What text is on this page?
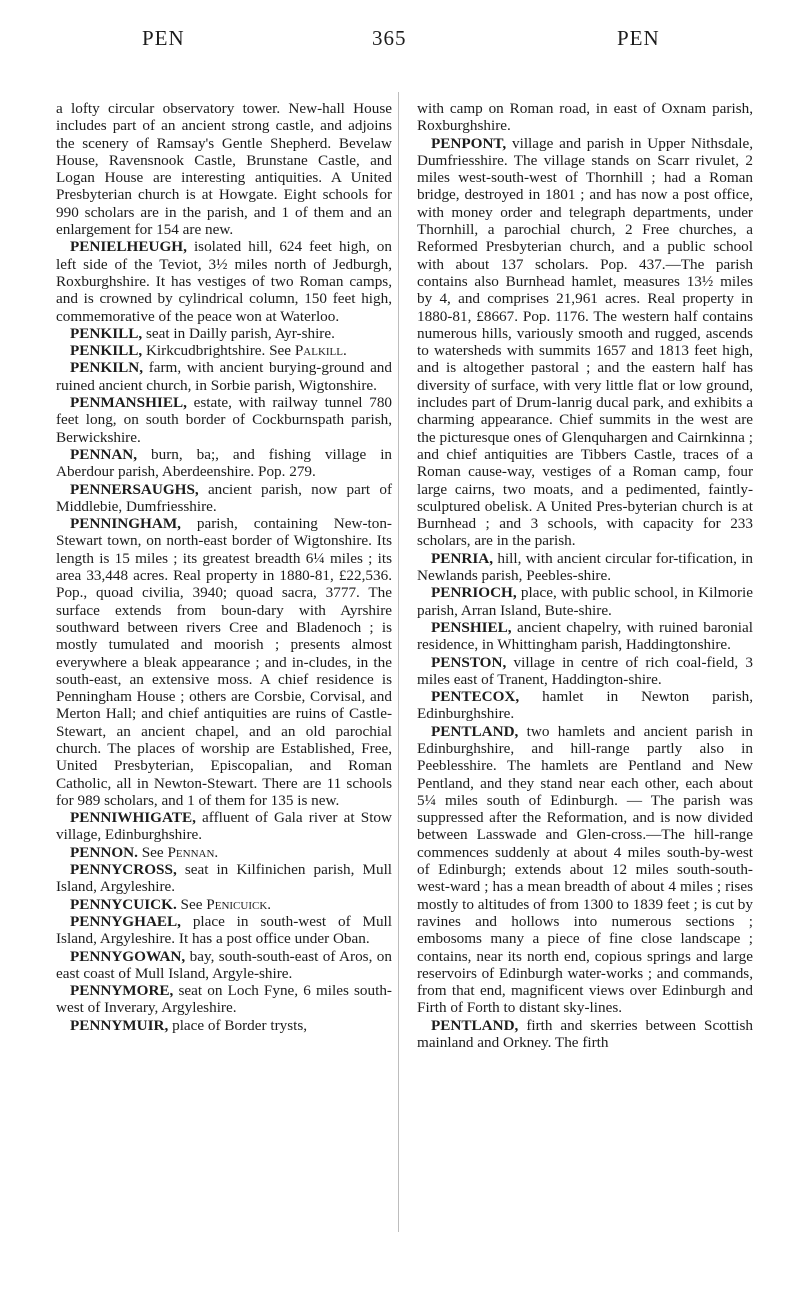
PEN	365	PEN

a lofty circular observatory tower. New-hall House includes part of an ancient strong castle, and adjoins the scenery of Ramsay's Gentle Shepherd. Bevelaw House, Ravensnook Castle, Brunstane Castle, and Logan House are interesting antiquities. A United Presbyterian church is at Howgate. Eight schools for 990 scholars are in the parish, and 1 of them and an enlargement for 154 are new.

PENIELHEUGH, isolated hill, 624 feet high, on left side of the Teviot, 3½ miles north of Jedburgh, Roxburghshire. It has vestiges of two Roman camps, and is crowned by cylindrical column, 150 feet high, commemorative of the peace won at Waterloo.

PENKILL, seat in Dailly parish, Ayr-shire.

PENKILL, Kirkcudbrightshire. See Palkill.

PENKILN, farm, with ancient burying-ground and ruined ancient church, in Sorbie parish, Wigtonshire.

PENMANSHIEL, estate, with railway tunnel 780 feet long, on south border of Cockburnspath parish, Berwickshire.

PENNAN, burn, ba;, and fishing village in Aberdour parish, Aberdeenshire. Pop. 279.

PENNERSAUGHS, ancient parish, now part of Middlebie, Dumfriesshire.

PENNINGHAM, parish, containing New-ton-Stewart town, on north-east border of Wigtonshire. Its length is 15 miles ; its greatest breadth 6¼ miles ; its area 33,448 acres. Real property in 1880-81, £22,536. Pop., quoad civilia, 3940; quoad sacra, 3777. The surface extends from boun-dary with Ayrshire southward between rivers Cree and Bladenoch ; is mostly tumulated and moorish ; presents almost everywhere a bleak appearance ; and in-cludes, in the south-east, an extensive moss. A chief residence is Penningham House ; others are Corsbie, Corvisal, and Merton Hall; and chief antiquities are ruins of Castle-Stewart, an ancient chapel, and an old parochial church. The places of worship are Established, Free, United Presbyterian, Episcopalian, and Roman Catholic, all in Newton-Stewart. There are 11 schools for 989 scholars, and 1 of them for 135 is new.

PENNIWHIGATE, affluent of Gala river at Stow village, Edinburghshire.

PENNON. See Pennan.

PENNYCROSS, seat in Kilfinichen parish, Mull Island, Argyleshire.

PENNYCUICK. See Penicuick.

PENNYGHAEL, place in south-west of Mull Island, Argyleshire. It has a post office under Oban.

PENNYGOWAN, bay, south-south-east of Aros, on east coast of Mull Island, Argyle-shire.

PENNYMORE, seat on Loch Fyne, 6 miles south-west of Inverary, Argyleshire.

PENNYMUIR, place of Border trysts,

with camp on Roman road, in east of Oxnam parish, Roxburghshire.

PENPONT, village and parish in Upper Nithsdale, Dumfriesshire. The village stands on Scarr rivulet, 2 miles west-south-west of Thornhill ; had a Roman bridge, destroyed in 1801 ; and has now a post office, with money order and telegraph departments, under Thornhill, a parochial church, 2 Free churches, a Reformed Presbyterian church, and a public school with about 137 scholars. Pop. 437.—The parish contains also Burnhead hamlet, measures 13½ miles by 4, and comprises 21,961 acres. Real property in 1880-81, £8667. Pop. 1176. The western half contains numerous hills, variously smooth and rugged, ascends to watersheds with summits 1657 and 1813 feet high, and is altogether pastoral ; and the eastern half has diversity of surface, with very little flat or low ground, includes part of Drum-lanrig ducal park, and exhibits a charming appearance. Chief summits in the west are the picturesque ones of Glenquhargen and Cairnkinna ; and chief antiquities are Tibbers Castle, traces of a Roman cause-way, vestiges of a Roman camp, four large cairns, two moats, and a pedimented, faintly-sculptured obelisk. A United Pres-byterian church is at Burnhead ; and 3 schools, with capacity for 233 scholars, are in the parish.

PENRIA, hill, with ancient circular for-tification, in Newlands parish, Peebles-shire.

PENRIOCH, place, with public school, in Kilmorie parish, Arran Island, Bute-shire.

PENSHIEL, ancient chapelry, with ruined baronial residence, in Whittingham parish, Haddingtonshire.

PENSTON, village in centre of rich coal-field, 3 miles east of Tranent, Haddington-shire.

PENTECOX, hamlet in Newton parish, Edinburghshire.

PENTLAND, two hamlets and ancient parish in Edinburghshire, and hill-range partly also in Peeblesshire. The hamlets are Pentland and New Pentland, and they stand near each other, each about 5¼ miles south of Edinburgh. — The parish was suppressed after the Reformation, and is now divided between Lasswade and Glen-cross.—The hill-range commences suddenly at about 4 miles south-by-west of Edinburgh; extends about 12 miles south-south-west-ward ; has a mean breadth of about 4 miles ; rises mostly to altitudes of from 1300 to 1839 feet ; is cut by ravines and hollows into numerous sections ; embosoms many a piece of fine close landscape ; contains, near its north end, copious springs and large reservoirs of Edinburgh water-works ; and commands, from that end, magnificent views over Edinburgh and Firth of Forth to distant sky-lines.

PENTLAND, firth and skerries between Scottish mainland and Orkney. The firth
